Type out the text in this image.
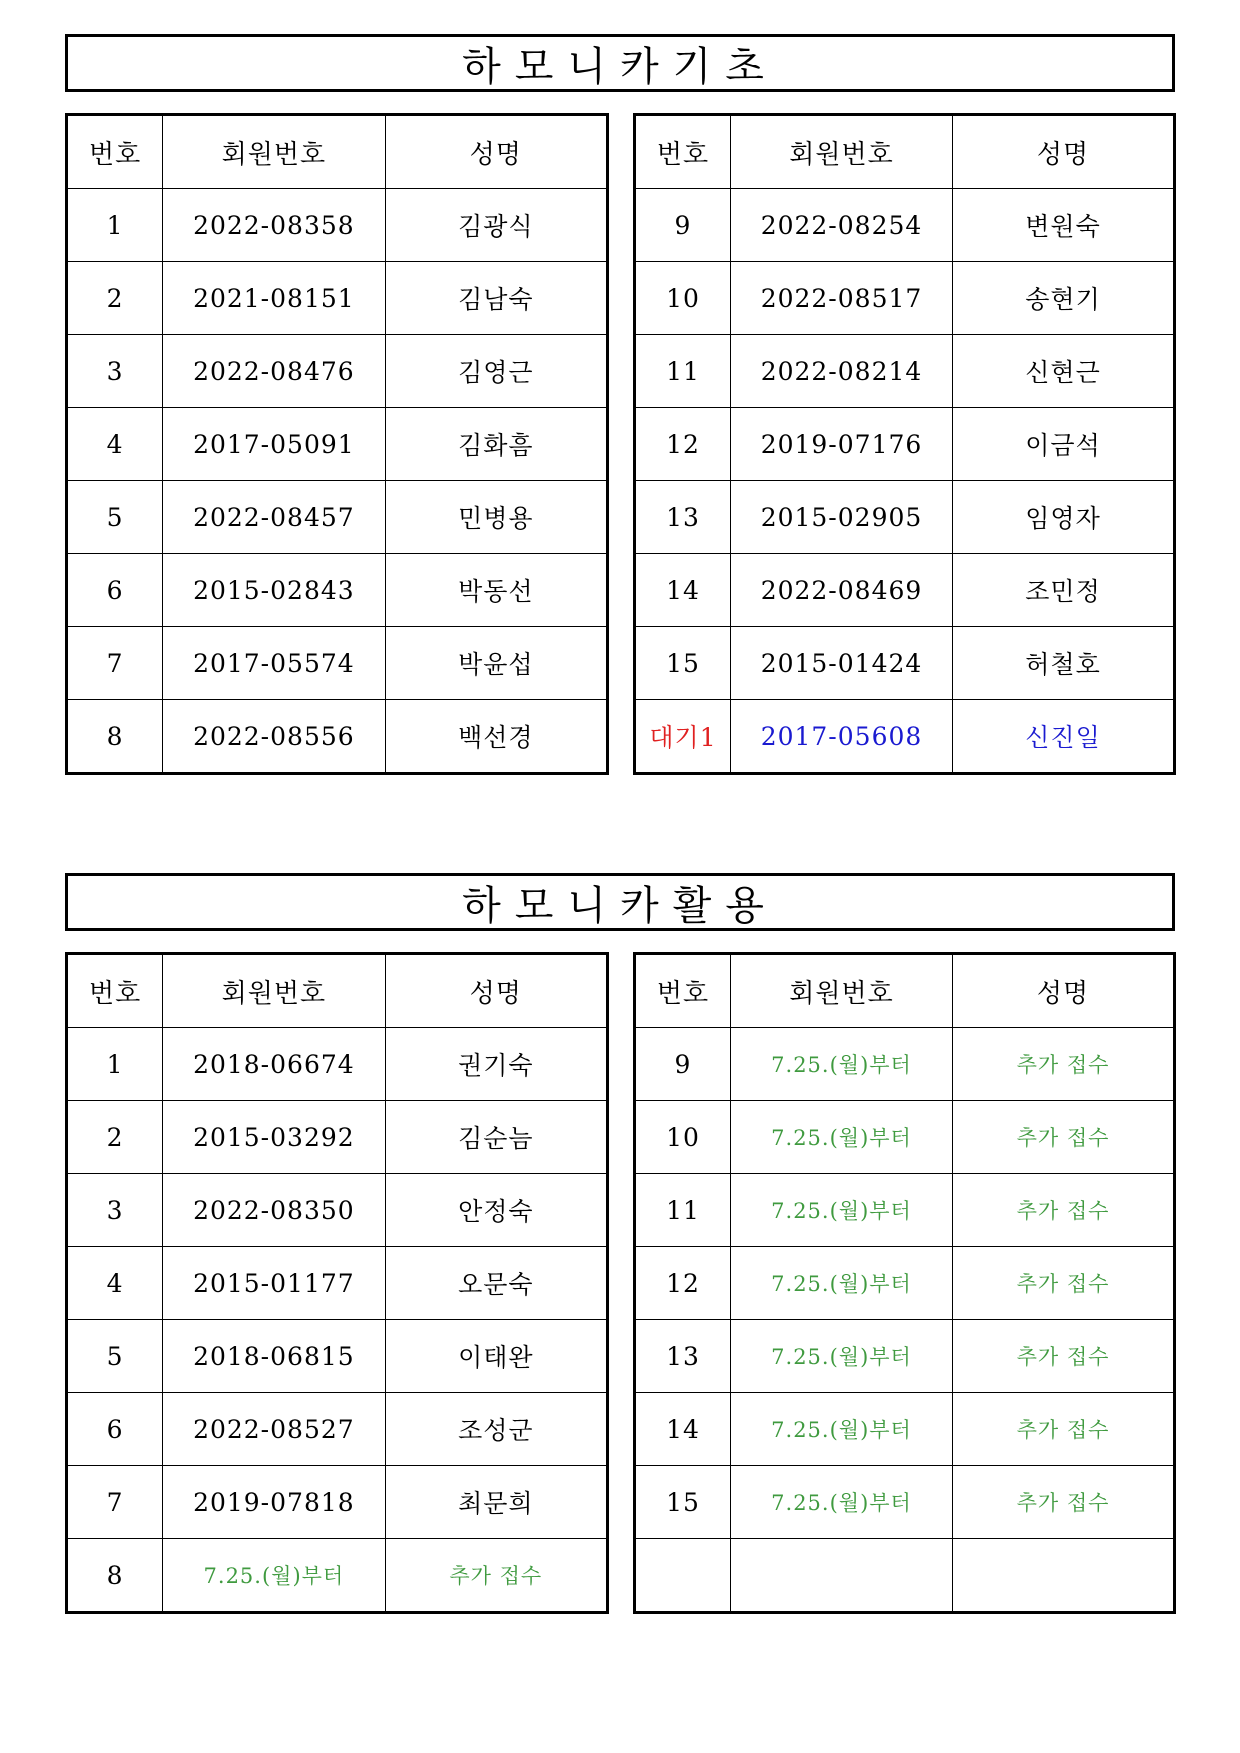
하모니카기초
번호	회원번호	성명
1	2022-08358	김광식
2	2021-08151	김남숙
3	2022-08476	김영근
4	2017-05091	김화흠
5	2022-08457	민병용
6	2015-02843	박동선
7	2017-05574	박윤섭
8	2022-08556	백선경
번호	회원번호	성명
9	2022-08254	변원숙
10	2022-08517	송현기
11	2022-08214	신현근
12	2019-07176	이금석
13	2015-02905	임영자
14	2022-08469	조민정
15	2015-01424	허철호
대기1	2017-05608	신진일
하모니카활용
번호	회원번호	성명
1	2018-06674	권기숙
2	2015-03292	김순늠
3	2022-08350	안정숙
4	2015-01177	오문숙
5	2018-06815	이태완
6	2022-08527	조성군
7	2019-07818	최문희
8	7.25.(월)부터	추가 접수
번호	회원번호	성명
9	7.25.(월)부터	추가 접수
10	7.25.(월)부터	추가 접수
11	7.25.(월)부터	추가 접수
12	7.25.(월)부터	추가 접수
13	7.25.(월)부터	추가 접수
14	7.25.(월)부터	추가 접수
15	7.25.(월)부터	추가 접수
